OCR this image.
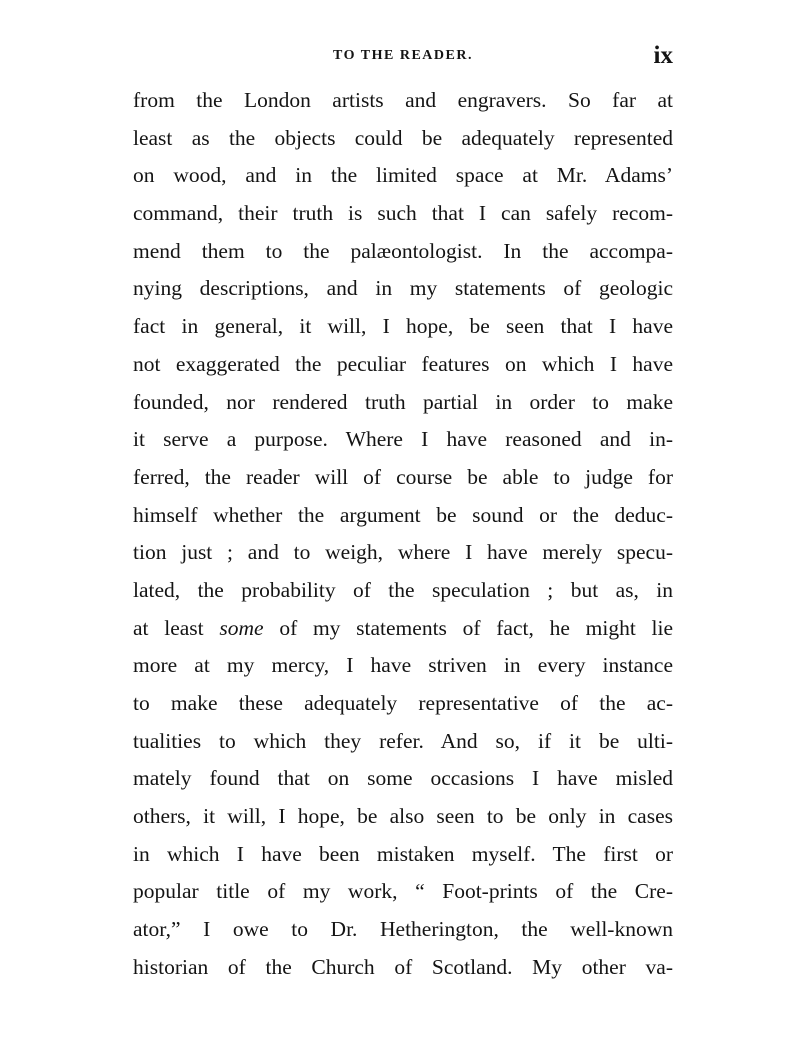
TO THE READER.	ix
from the London artists and engravers. So far at
least as the objects could be adequately represented
on wood, and in the limited space at Mr. Adams’
command, their truth is such that I can safely recom-
mend them to the palæontologist. In the accompa-
nying descriptions, and in my statements of geologic
fact in general, it will, I hope, be seen that I have
not exaggerated the peculiar features on which I have
founded, nor rendered truth partial in order to make
it serve a purpose. Where I have reasoned and in-
ferred, the reader will of course be able to judge for
himself whether the argument be sound or the deduc-
tion just ; and to weigh, where I have merely specu-
lated, the probability of the speculation ; but as, in
at least some of my statements of fact, he might lie
more at my mercy, I have striven in every instance
to make these adequately representative of the ac-
tualities to which they refer. And so, if it be ulti-
mately found that on some occasions I have misled
others, it will, I hope, be also seen to be only in cases
in which I have been mistaken myself. The first or
popular title of my work, “ Foot-prints of the Cre-
ator,” I owe to Dr. Hetherington, the well-known
historian of the Church of Scotland. My other va-
